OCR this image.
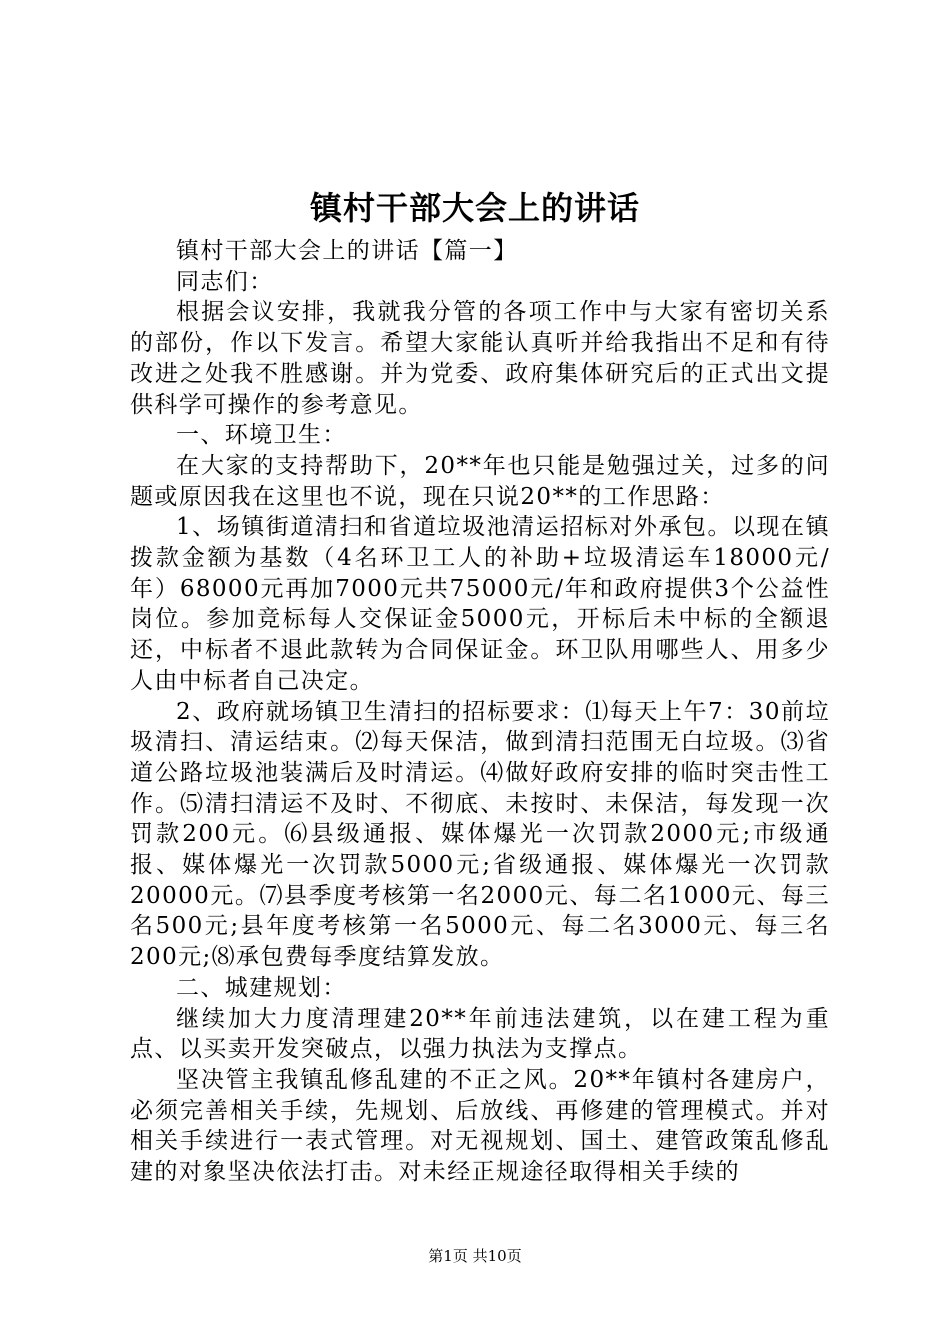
镇村干部大会上的讲话

镇村干部大会上的讲话【篇一】

同志们：

根据会议安排，我就我分管的各项工作中与大家有密切关系的部份，作以下发言。希望大家能认真听并给我指出不足和有待改进之处我不胜感谢。并为党委、政府集体研究后的正式出文提供科学可操作的参考意见。

一、环境卫生：

在大家的支持帮助下，20**年也只能是勉强过关，过多的问题或原因我在这里也不说，现在只说20**的工作思路：

1、场镇街道清扫和省道垃圾池清运招标对外承包。以现在镇拨款金额为基数（4名环卫工人的补助+垃圾清运车18000元/年）68000元再加7000元共75000元/年和政府提供3个公益性岗位。参加竞标每人交保证金5000元，开标后未中标的全额退还，中标者不退此款转为合同保证金。环卫队用哪些人、用多少人由中标者自己决定。

2、政府就场镇卫生清扫的招标要求：⑴每天上午7：30前垃圾清扫、清运结束。⑵每天保洁，做到清扫范围无白垃圾。⑶省道公路垃圾池装满后及时清运。⑷做好政府安排的临时突击性工作。⑸清扫清运不及时、不彻底、未按时、未保洁，每发现一次罚款200元。⑹县级通报、媒体爆光一次罚款2000元;市级通报、媒体爆光一次罚款5000元;省级通报、媒体爆光一次罚款20000元。⑺县季度考核第一名2000元、每二名1000元、每三名500元;县年度考核第一名5000元、每二名3000元、每三名200元;⑻承包费每季度结算发放。

二、城建规划：

继续加大力度清理建20**年前违法建筑，以在建工程为重点、以买卖开发突破点，以强力执法为支撑点。

坚决管主我镇乱修乱建的不正之风。20**年镇村各建房户，必须完善相关手续，先规划、后放线、再修建的管理模式。并对相关手续进行一表式管理。对无视规划、国土、建管政策乱修乱建的对象坚决依法打击。对未经正规途径取得相关手续的

第1页 共10页
